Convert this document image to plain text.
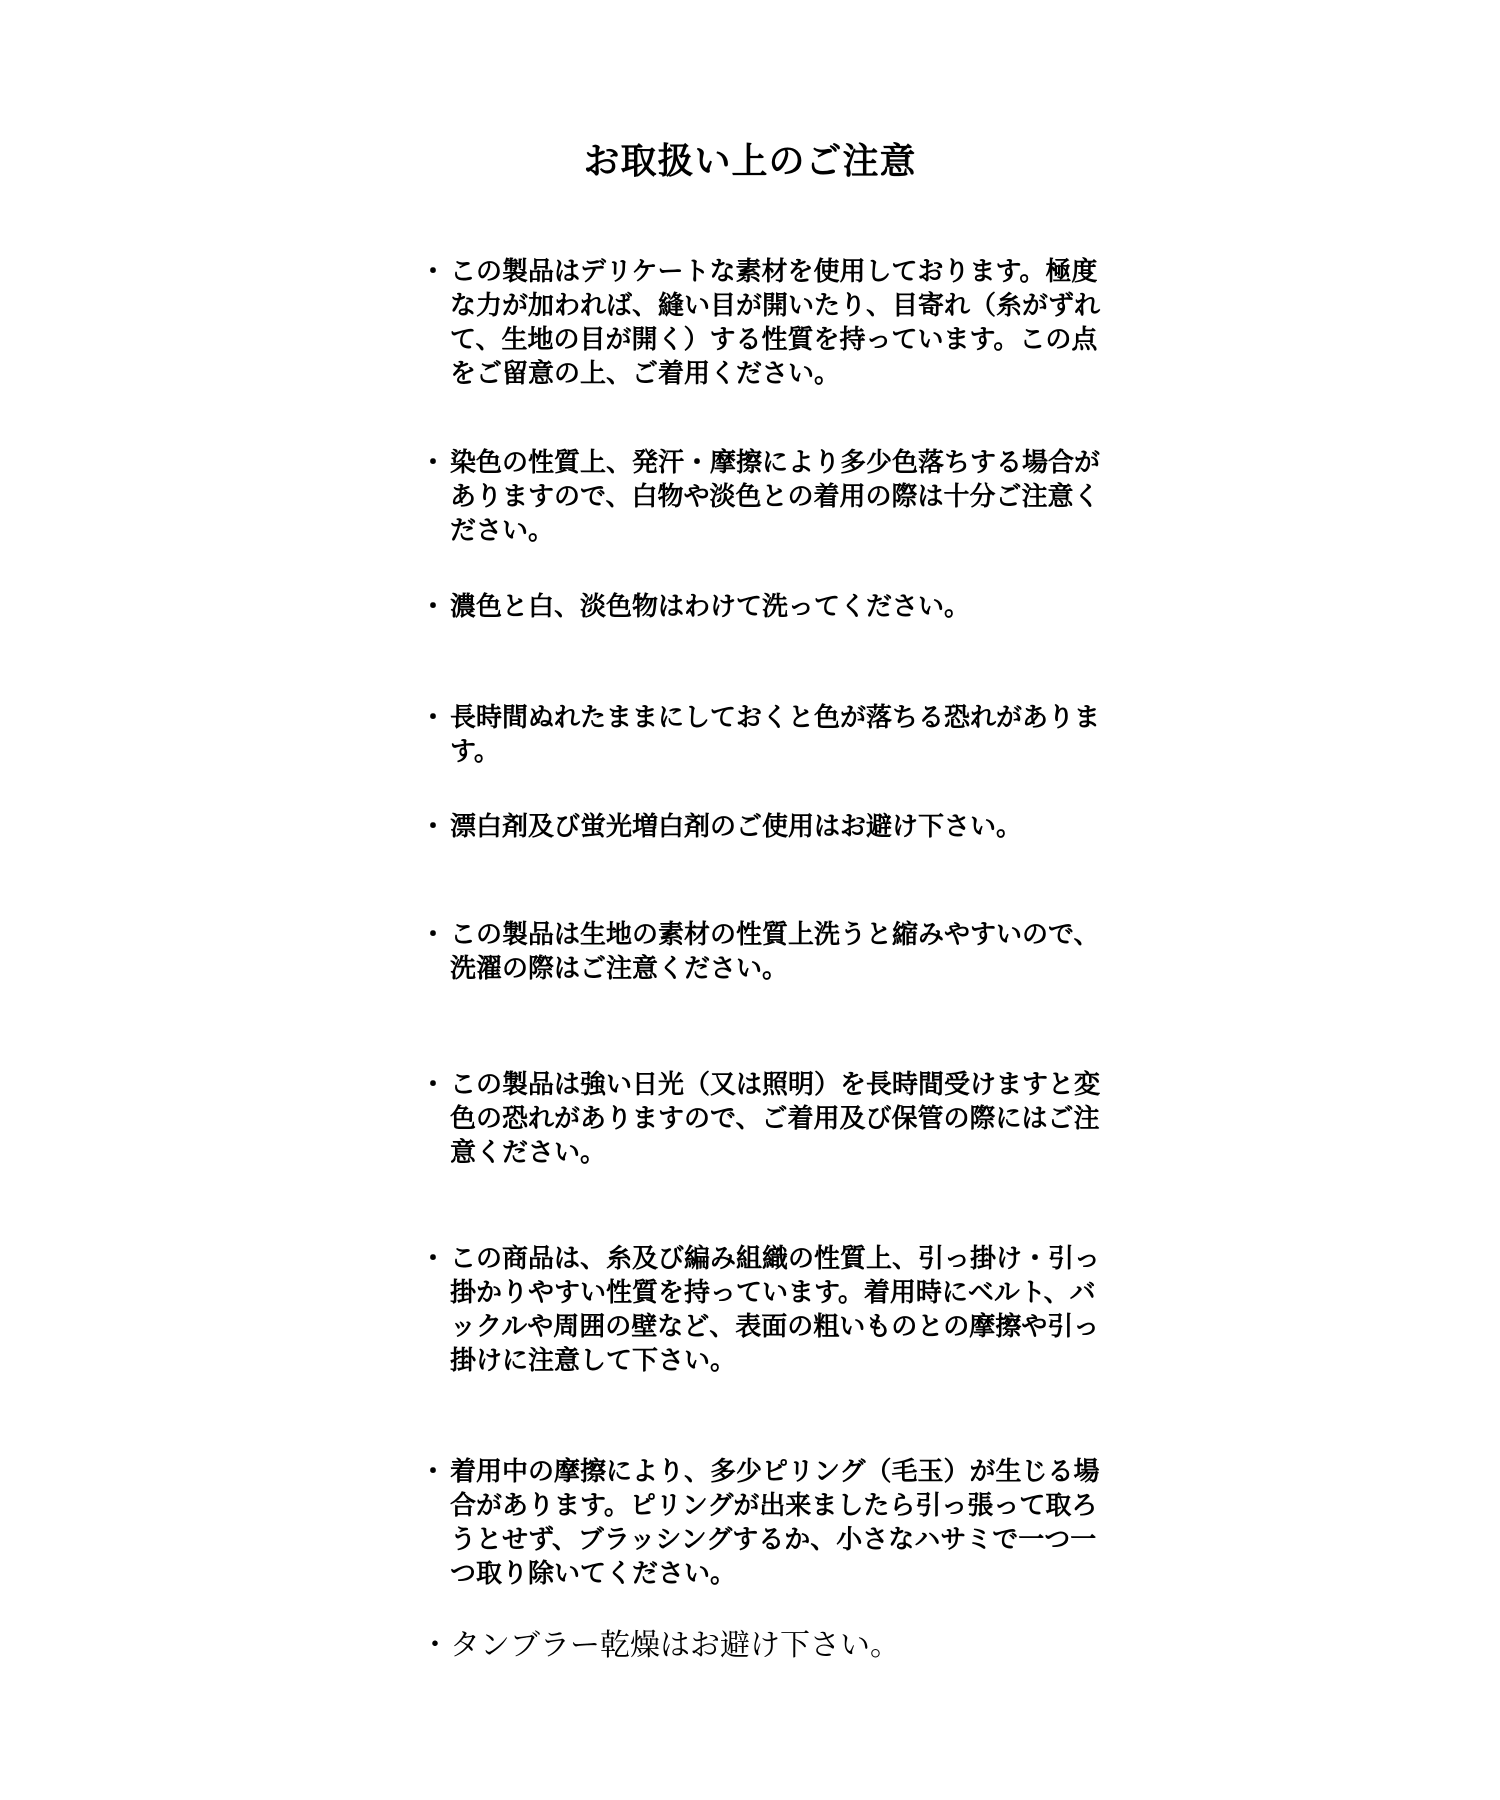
お取扱い上のご注意
・ この製品はデリケートな素材を使用しております。極度な力が加われば、縫い目が開いたり、目寄れ（糸がずれて、生地の目が開く）する性質を持っています。この点をご留意の上、ご着用ください。
・ 染色の性質上、発汗・摩擦により多少色落ちする場合がありますので、白物や淡色との着用の際は十分ご注意ください。
・ 濃色と白、淡色物はわけて洗ってください。
・ 長時間ぬれたままにしておくと色が落ちる恐れがあります。
・ 漂白剤及び蛍光増白剤のご使用はお避け下さい。
・ この製品は生地の素材の性質上洗うと縮みやすいので、洗濯の際はご注意ください。
・ この製品は強い日光（又は照明）を長時間受けますと変色の恐れがありますので、ご着用及び保管の際にはご注意ください。
・ この商品は、糸及び編み組織の性質上、引っ掛け・引っ掛かりやすい性質を持っています。着用時にベルト、バックルや周囲の壁など、表面の粗いものとの摩擦や引っ掛けに注意して下さい。
・ 着用中の摩擦により、多少ピリング（毛玉）が生じる場合があります。ピリングが出来ましたら引っ張って取ろうとせず、ブラッシングするか、小さなハサミで一つ一つ取り除いてください。
・ タンブラー乾燥はお避け下さい。
